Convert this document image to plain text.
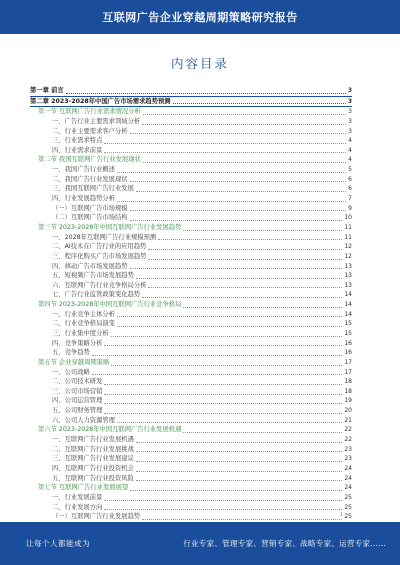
互联网广告企业穿越周期策略研究报告
内容目录
第一章 前言	3
第二章 2023-2028年中国广告市场需求趋势预测	3
第一节 互联网广告行业需求情况分析	3
一、广告行业主要需求领域分析	3
二、行业主要需求客户分析	3
三、行业需求特点	4
四、行业需求前景	4
第二节 我国互联网广告行业发展现状	4
一、我国广告行业概述	5
二、我国广告行业发展现状	6
三、我国互联网广告行业发展	6
四、行业发展趋势分析	7
（一）互联网广告市场规模	9
（二）互联网广告市场结构	10
第三节 2023-2028年中国互联网广告行业发展趋势	11
一、2028年互联网广告行业规模预测	11
二、AI技术在广告行业的应用趋势	12
三、程序化购买广告市场发展趋势	12
四、移动广告市场发展趋势	13
五、短视频广告市场发展趋势	13
六、互联网广告行业竞争格局分析	13
七、广告行业监管政策变化趋势	14
第四节 2023-2028年中国互联网广告行业竞争格局	14
一、行业竞争主体分析	14
二、行业竞争格局演变	15
三、行业集中度分析	15
四、竞争策略分析	16
五、竞争趋势	16
第五节 企业穿越周期策略	17
一、公司战略	17
二、公司技术研发	18
三、公司市场营销	18
四、公司运营管理	19
五、公司财务管理	20
六、公司人力资源管理	21
第六节 2023-2028年中国互联网广告行业发展机遇	22
一、互联网广告行业发展机遇	22
二、互联网广告行业发展挑战	23
三、互联网广告行业发展建议	23
四、互联网广告行业投资机会	24
五、互联网广告行业投资风险	24
第七节 互联网广告行业发展展望	24
一、行业发展前景	25
二、行业发展方向	25
（一）互联网广告行业发展趋势	25
1
让每个人都能成为	行业专家、管理专家、营销专家、战略专家、运营专家……
